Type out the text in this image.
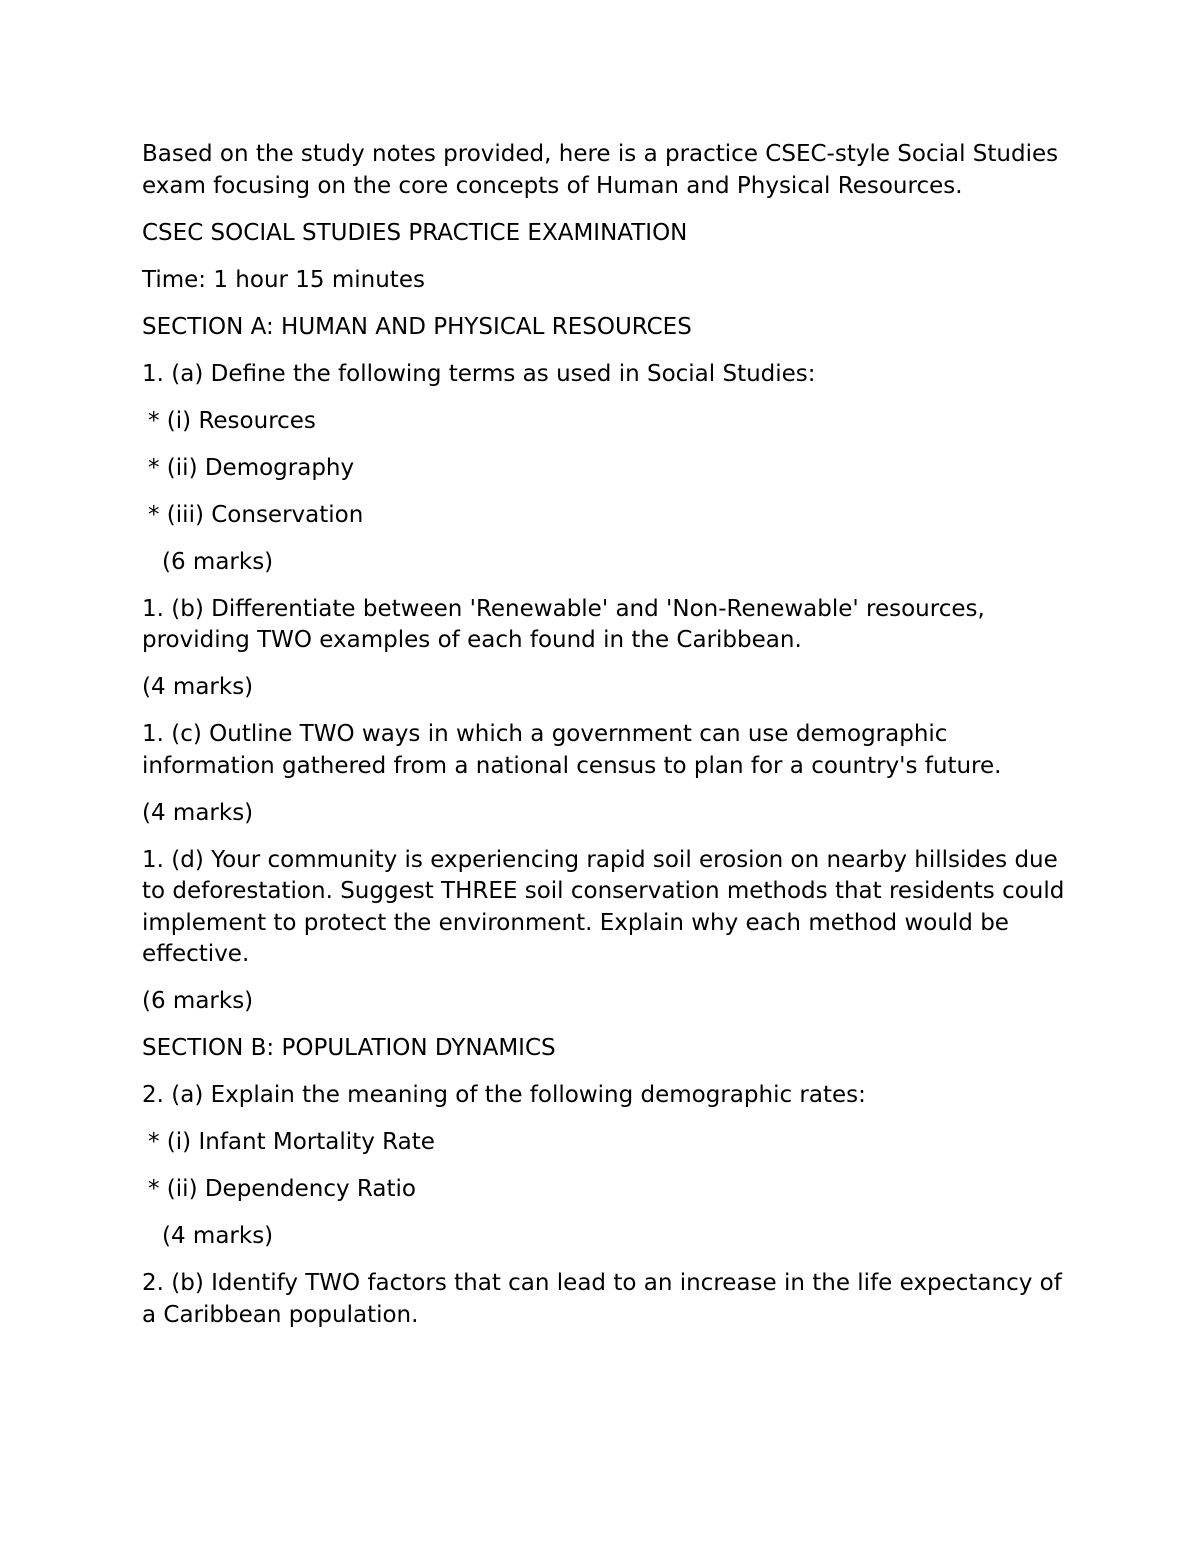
Based on the study notes provided, here is a practice CSEC-style Social Studies exam focusing on the core concepts of Human and Physical Resources.

CSEC SOCIAL STUDIES PRACTICE EXAMINATION

Time: 1 hour 15 minutes

SECTION A: HUMAN AND PHYSICAL RESOURCES

1. (a) Define the following terms as used in Social Studies:

* (i) Resources

* (ii) Demography

* (iii) Conservation

(6 marks)

1. (b) Differentiate between 'Renewable' and 'Non-Renewable' resources, providing TWO examples of each found in the Caribbean.

(4 marks)

1. (c) Outline TWO ways in which a government can use demographic information gathered from a national census to plan for a country's future.

(4 marks)

1. (d) Your community is experiencing rapid soil erosion on nearby hillsides due to deforestation. Suggest THREE soil conservation methods that residents could implement to protect the environment. Explain why each method would be effective.

(6 marks)

SECTION B: POPULATION DYNAMICS

2. (a) Explain the meaning of the following demographic rates:

* (i) Infant Mortality Rate

* (ii) Dependency Ratio

(4 marks)

2. (b) Identify TWO factors that can lead to an increase in the life expectancy of a Caribbean population.
